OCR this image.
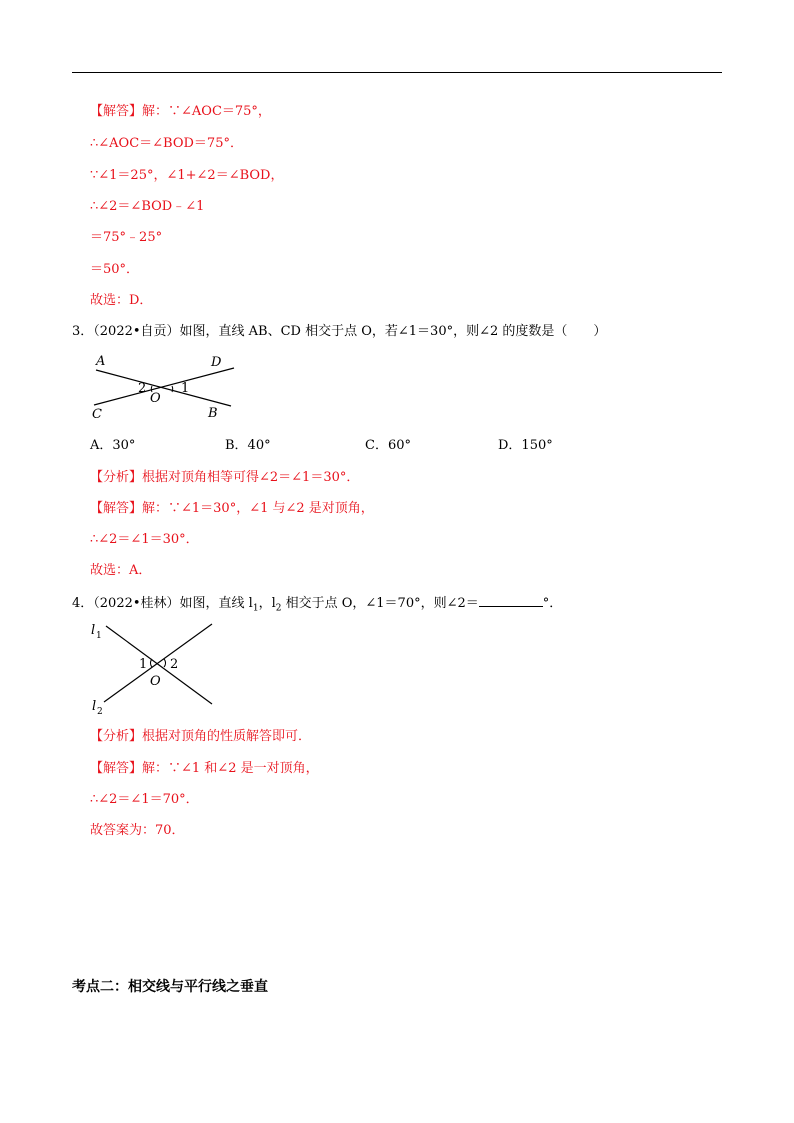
【解答】解：∵∠AOC＝75°，
∴∠AOC＝∠BOD＝75°．
∵∠1＝25°，∠1+∠2＝∠BOD，
∴∠2＝∠BOD﹣∠1
＝75°﹣25°
＝50°．
故选：D．
3．（2022•自贡）如图，直线 AB、CD 相交于点 O，若∠1＝30°，则∠2 的度数是（　　）
A	D
C	B
O
2	1
A．30°	B．40°	C．60°	D．150°
【分析】根据对顶角相等可得∠2＝∠1＝30°．
【解答】解：∵∠1＝30°，∠1 与∠2 是对顶角，
∴∠2＝∠1＝30°．
故选：A．
4．（2022•桂林）如图，直线 $l_1$，$l_2$ 相交于点 O，∠1＝70°，则∠2＝	°．
l 1
l 2
1 2
O
【分析】根据对顶角的性质解答即可．
【解答】解：∵∠1 和∠2 是一对顶角，
∴∠2＝∠1＝70°．
故答案为：70．
考点二：相交线与平行线之垂直
